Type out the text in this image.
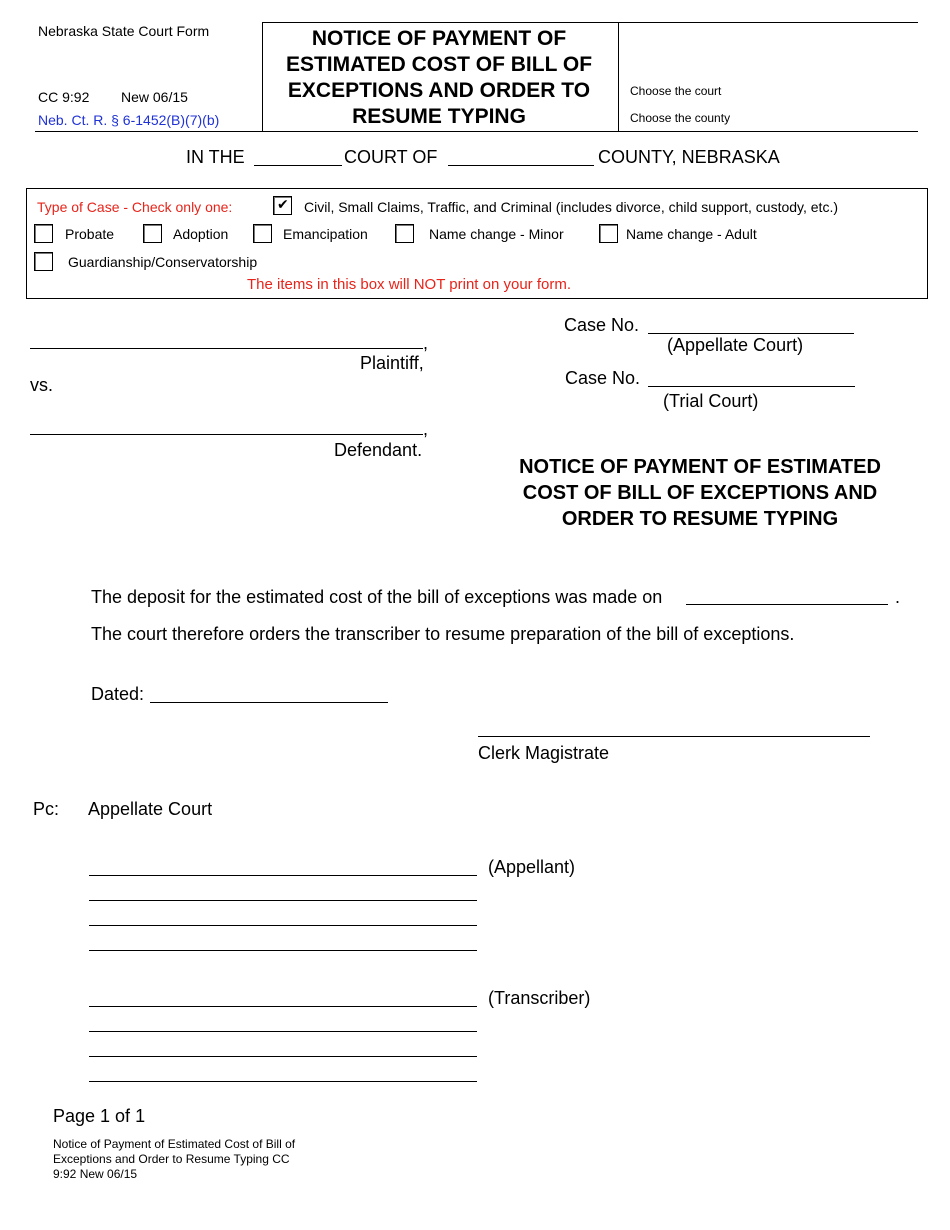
Nebraska State Court Form
CC 9:92 New 06/15
Neb. Ct. R. § 6-1452(B)(7)(b)
NOTICE OF PAYMENT OF
ESTIMATED COST OF BILL OF
EXCEPTIONS AND ORDER TO
RESUME TYPING
Choose the court
Choose the county
IN THE	COURT OF	COUNTY, NEBRASKA
Type of Case - Check only one:
✔	Civil, Small Claims, Traffic, and Criminal (includes divorce, child support, custody, etc.)
Probate	Adoption	Emancipation	Name change - Minor	Name change - Adult
Guardianship/Conservatorship
The items in this box will NOT print on your form.
,
Plaintiff,
vs.
,
Defendant.
Case No.
(Appellate Court)
Case No.
(Trial Court)
NOTICE OF PAYMENT OF ESTIMATED
COST OF BILL OF EXCEPTIONS AND
ORDER TO RESUME TYPING
The deposit for the estimated cost of the bill of exceptions was made on	.
The court therefore orders the transcriber to resume preparation of the bill of exceptions.
Dated:
Clerk Magistrate
Pc: Appellate Court
(Appellant)
(Transcriber)
Page 1 of 1
Notice of Payment of Estimated Cost of Bill of
Exceptions and Order to Resume Typing CC
9:92 New 06/15
